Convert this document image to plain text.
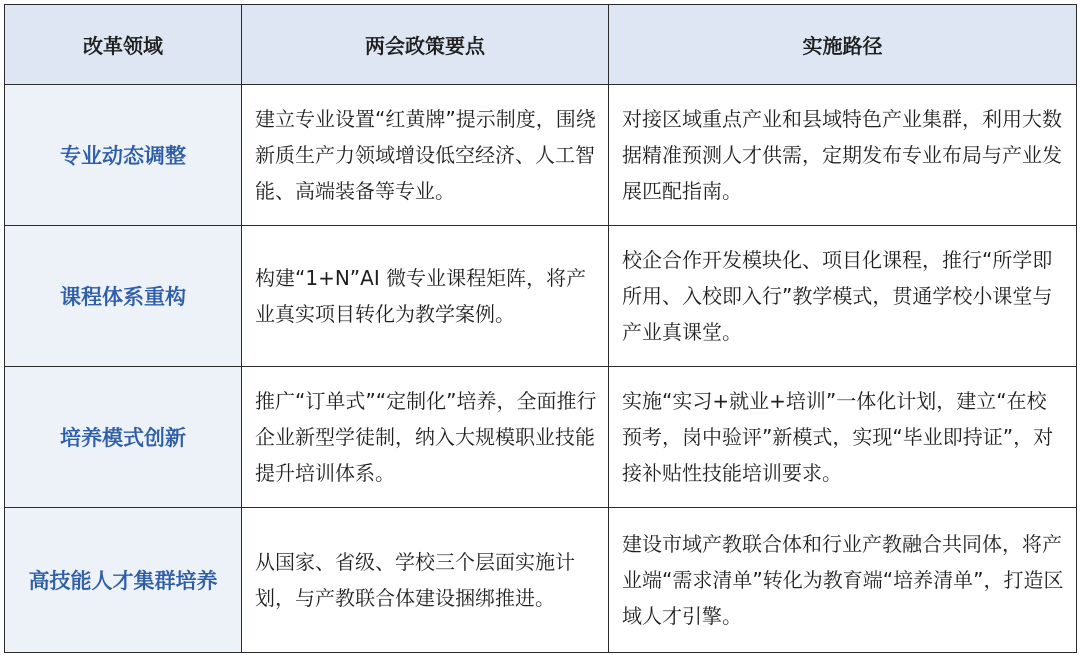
改革领域	两会政策要点	实施路径
专业动态调整	建立专业设置“红黄牌”提示制度，围绕新质生产力领域增设低空经济、人工智能、高端装备等专业。	对接区域重点产业和县域特色产业集群，利用大数据精准预测人才供需，定期发布专业布局与产业发展匹配指南。
课程体系重构	构建“1+N”AI 微专业课程矩阵，将产业真实项目转化为教学案例。	校企合作开发模块化、项目化课程，推行“所学即所用、入校即入行”教学模式，贯通学校小课堂与产业真课堂。
培养模式创新	推广“订单式”“定制化”培养，全面推行企业新型学徒制，纳入大规模职业技能提升培训体系。	实施“实习+就业+培训”一体化计划，建立“在校预考，岗中验评”新模式，实现“毕业即持证”，对接补贴性技能培训要求。
高技能人才集群培养	从国家、省级、学校三个层面实施计划，与产教联合体建设捆绑推进。	建设市域产教联合体和行业产教融合共同体，将产业端“需求清单”转化为教育端“培养清单”，打造区域人才引擎。
